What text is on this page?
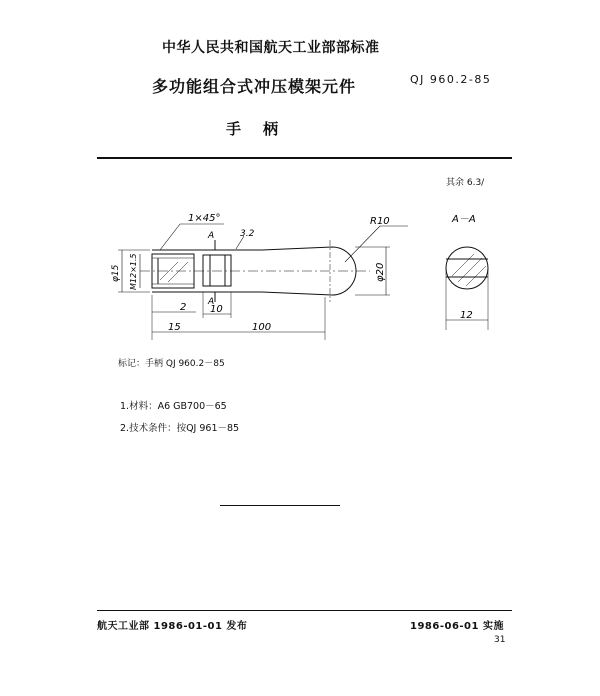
中华人民共和国航天工业部部标准
多功能组合式冲压模架元件	QJ 960.2-85
手柄
其余 6.3/
1×45°
A
A
3.2
R10
φ15 M12×1.5	φ20
2 10
15	100
A－A
12
标记：手柄 QJ 960.2－85
1.材料：A6 GB700－65
2.技术条件：按QJ 961－85
航天工业部 1986-01-01 发布	1986-06-01 实施
31
